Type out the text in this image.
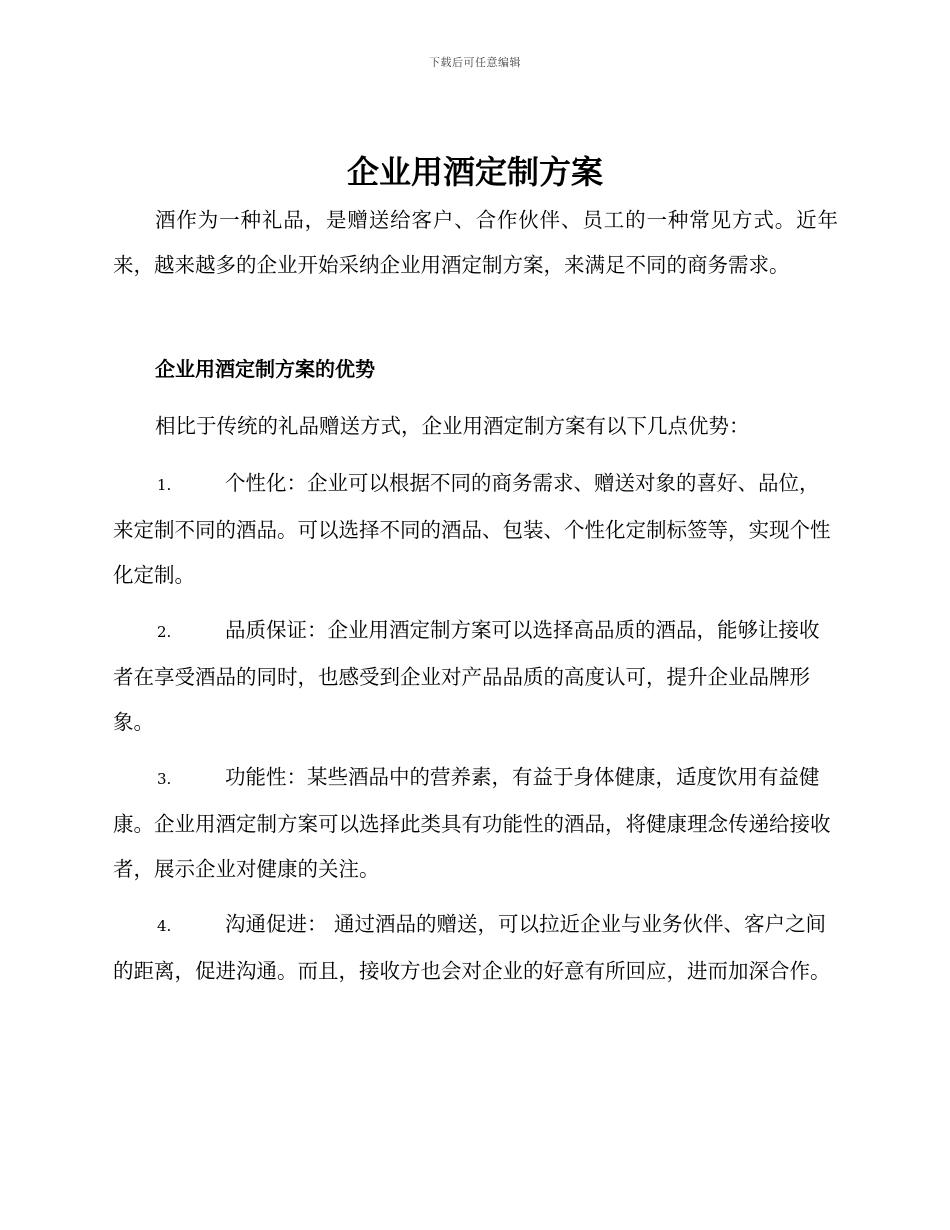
下载后可任意编辑
企业用酒定制方案

酒作为一种礼品，是赠送给客户、合作伙伴、员工的一种常见方式。近年来，越来越多的企业开始采纳企业用酒定制方案，来满足不同的商务需求。

企业用酒定制方案的优势

相比于传统的礼品赠送方式，企业用酒定制方案有以下几点优势：

1.	个性化：企业可以根据不同的商务需求、赠送对象的喜好、品位，来定制不同的酒品。可以选择不同的酒品、包装、个性化定制标签等，实现个性化定制。

2.	品质保证：企业用酒定制方案可以选择高品质的酒品，能够让接收者在享受酒品的同时，也感受到企业对产品品质的高度认可，提升企业品牌形象。

3.	功能性：某些酒品中的营养素，有益于身体健康，适度饮用有益健康。企业用酒定制方案可以选择此类具有功能性的酒品，将健康理念传递给接收者，展示企业对健康的关注。

4.	沟通促进： 通过酒品的赠送，可以拉近企业与业务伙伴、客户之间的距离，促进沟通。而且，接收方也会对企业的好意有所回应，进而加深合作。
